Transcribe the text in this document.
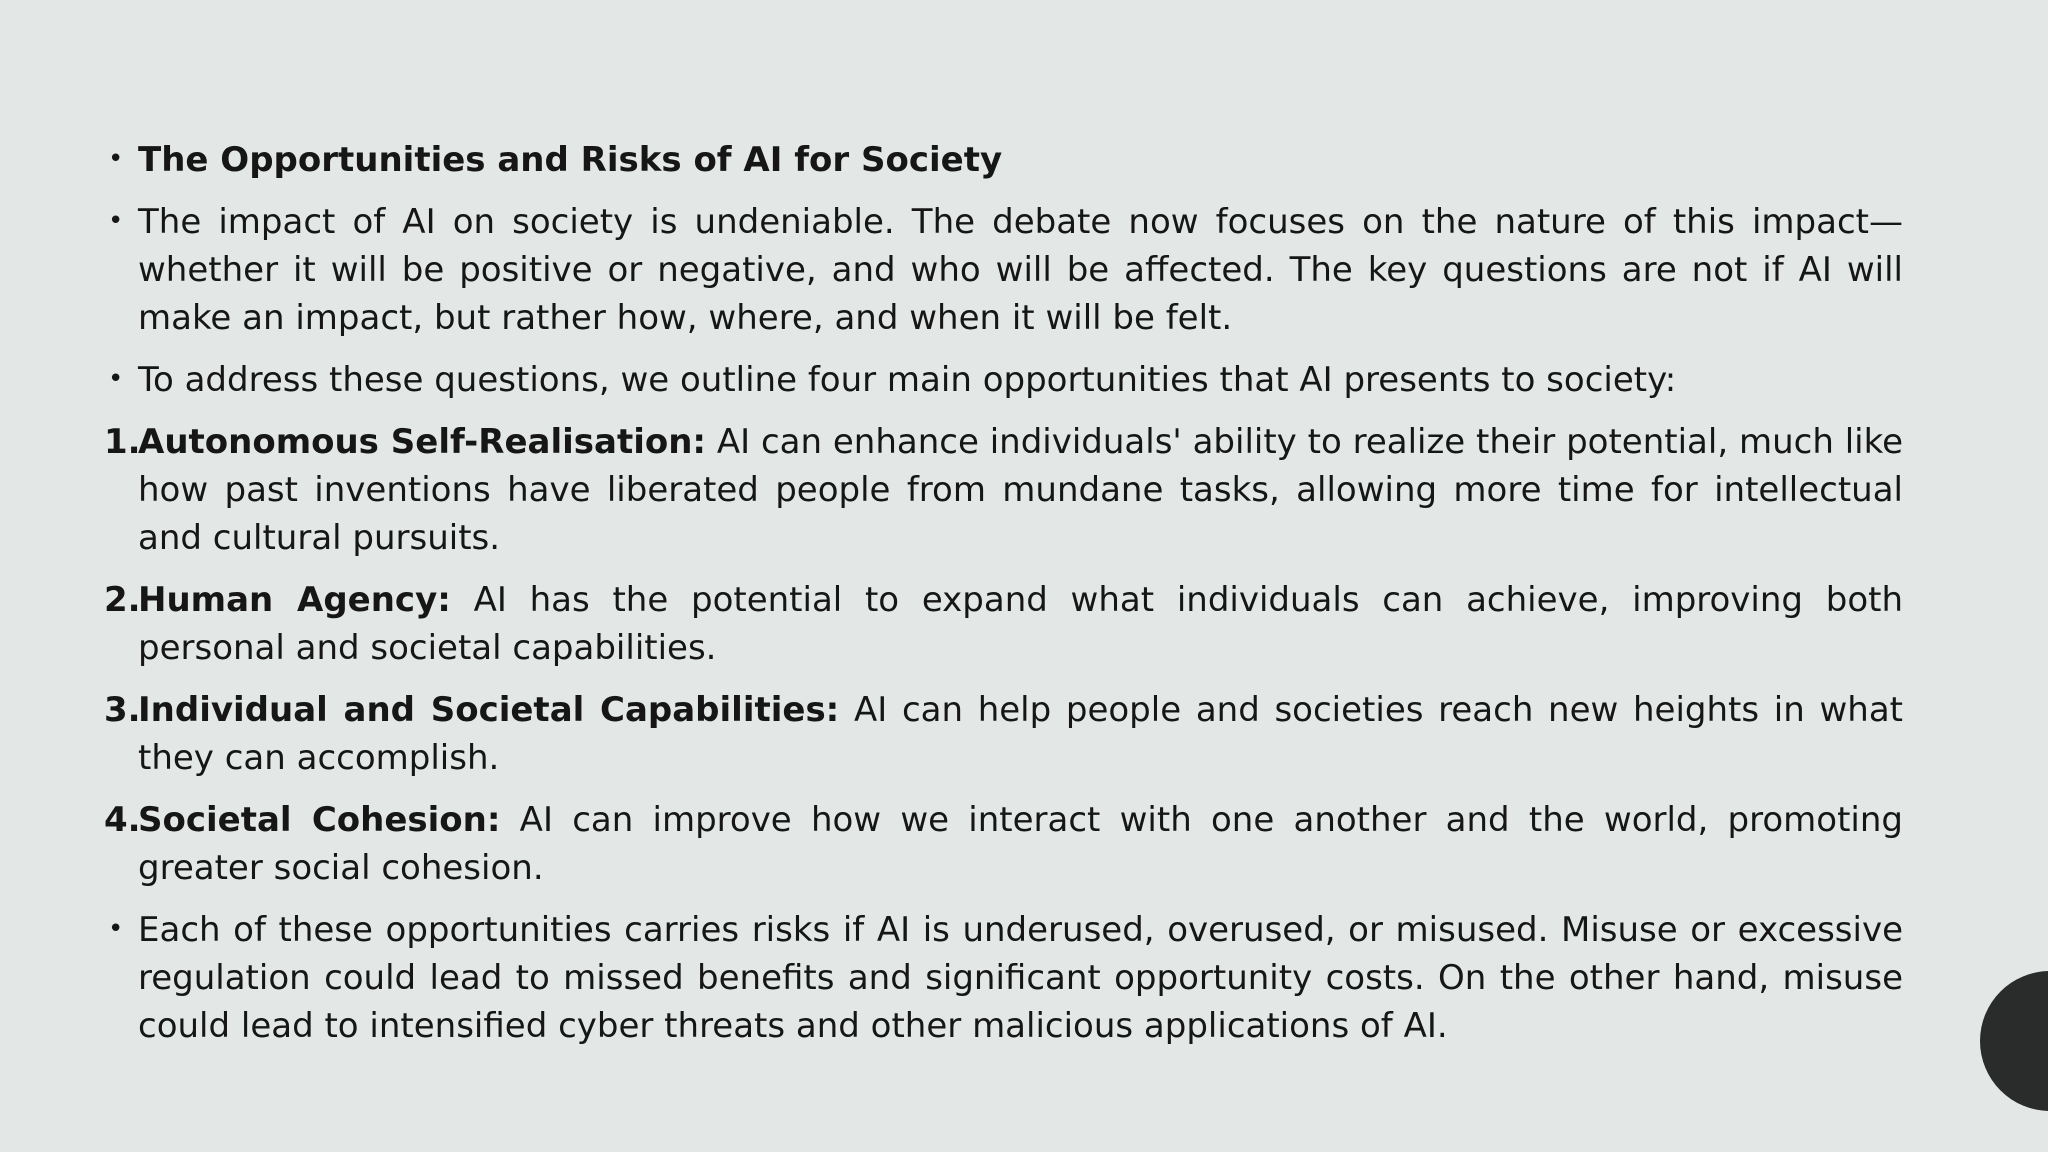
• The Opportunities and Risks of AI for Society
• The impact of AI on society is undeniable. The debate now focuses on the nature of this impact—whether it will be positive or negative, and who will be affected. The key questions are not if AI will make an impact, but rather how, where, and when it will be felt.
• To address these questions, we outline four main opportunities that AI presents to society:
1.
Autonomous Self-Realisation: AI can enhance individuals' ability to realize their potential, much like how past inventions have liberated people from mundane tasks, allowing more time for intellectual and cultural pursuits.
2.
Human Agency: AI has the potential to expand what individuals can achieve, improving both personal and societal capabilities.
3.
Individual and Societal Capabilities: AI can help people and societies reach new heights in what they can accomplish.
4.
Societal Cohesion: AI can improve how we interact with one another and the world, promoting greater social cohesion.
• Each of these opportunities carries risks if AI is underused, overused, or misused. Misuse or excessive regulation could lead to missed benefits and significant opportunity costs. On the other hand, misuse could lead to intensified cyber threats and other malicious applications of AI.
